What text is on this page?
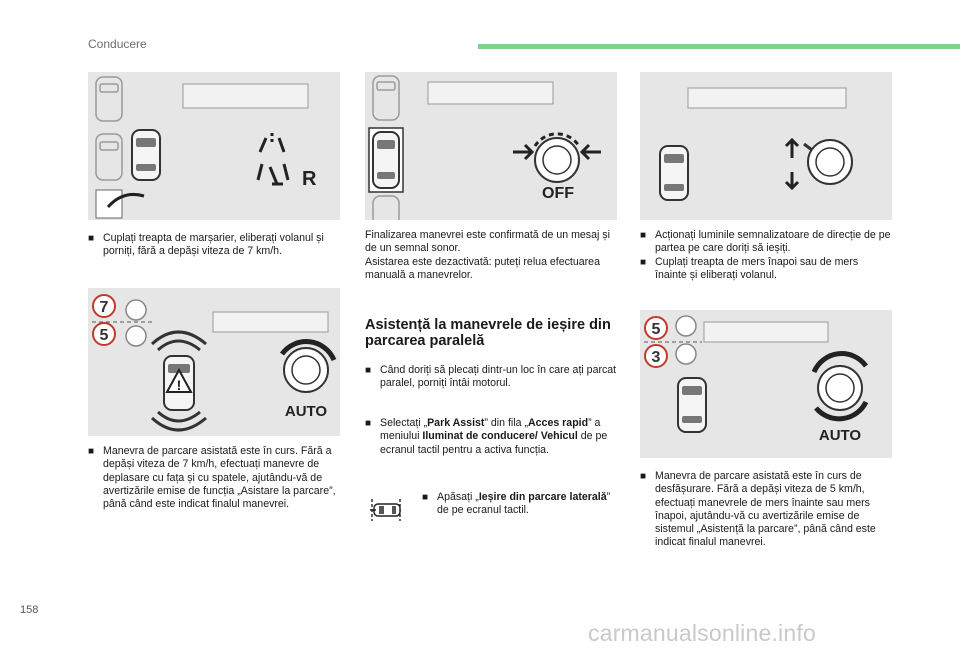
Conducere
R
■ Cuplați treapta de marșarier, eliberați volanul și porniți, fără a depăși viteza de 7 km/h.
7
5
!
AUTO
■ Manevra de parcare asistată este în curs. Fără a depăși viteza de 7 km/h, efectuați manevre de deplasare cu fața și cu spatele, ajutându-vă de avertizările emise de funcția „Asistare la parcare”, până când este indicat finalul manevrei.
OFF
Finalizarea manevrei este confirmată de un mesaj și de un semnal sonor.
Asistarea este dezactivată: puteți relua efectuarea manuală a manevrelor.
Asistență la manevrele de ieșire din parcarea paralelă
■ Când doriți să plecați dintr-un loc în care ați parcat paralel, porniți întâi motorul.
■ Selectați „Park Assist” din fila „Acces rapid” a meniului Iluminat de conducere/ Vehicul de pe ecranul tactil pentru a activa funcția.
■ Apăsați „Ieșire din parcare laterală” de pe ecranul tactil.
■ Acționați luminile semnalizatoare de direcție de pe partea pe care doriți să ieșiți.
■ Cuplați treapta de mers înapoi sau de mers înainte și eliberați volanul.
5
3
AUTO
■ Manevra de parcare asistată este în curs de desfășurare. Fără a depăși viteza de 5 km/h, efectuați manevrele de mers înainte sau mers înapoi, ajutându-vă cu avertizările emise de sistemul „Asistență la parcare”, până când este indicat finalul manevrei.
158
carmanualsonline.info
